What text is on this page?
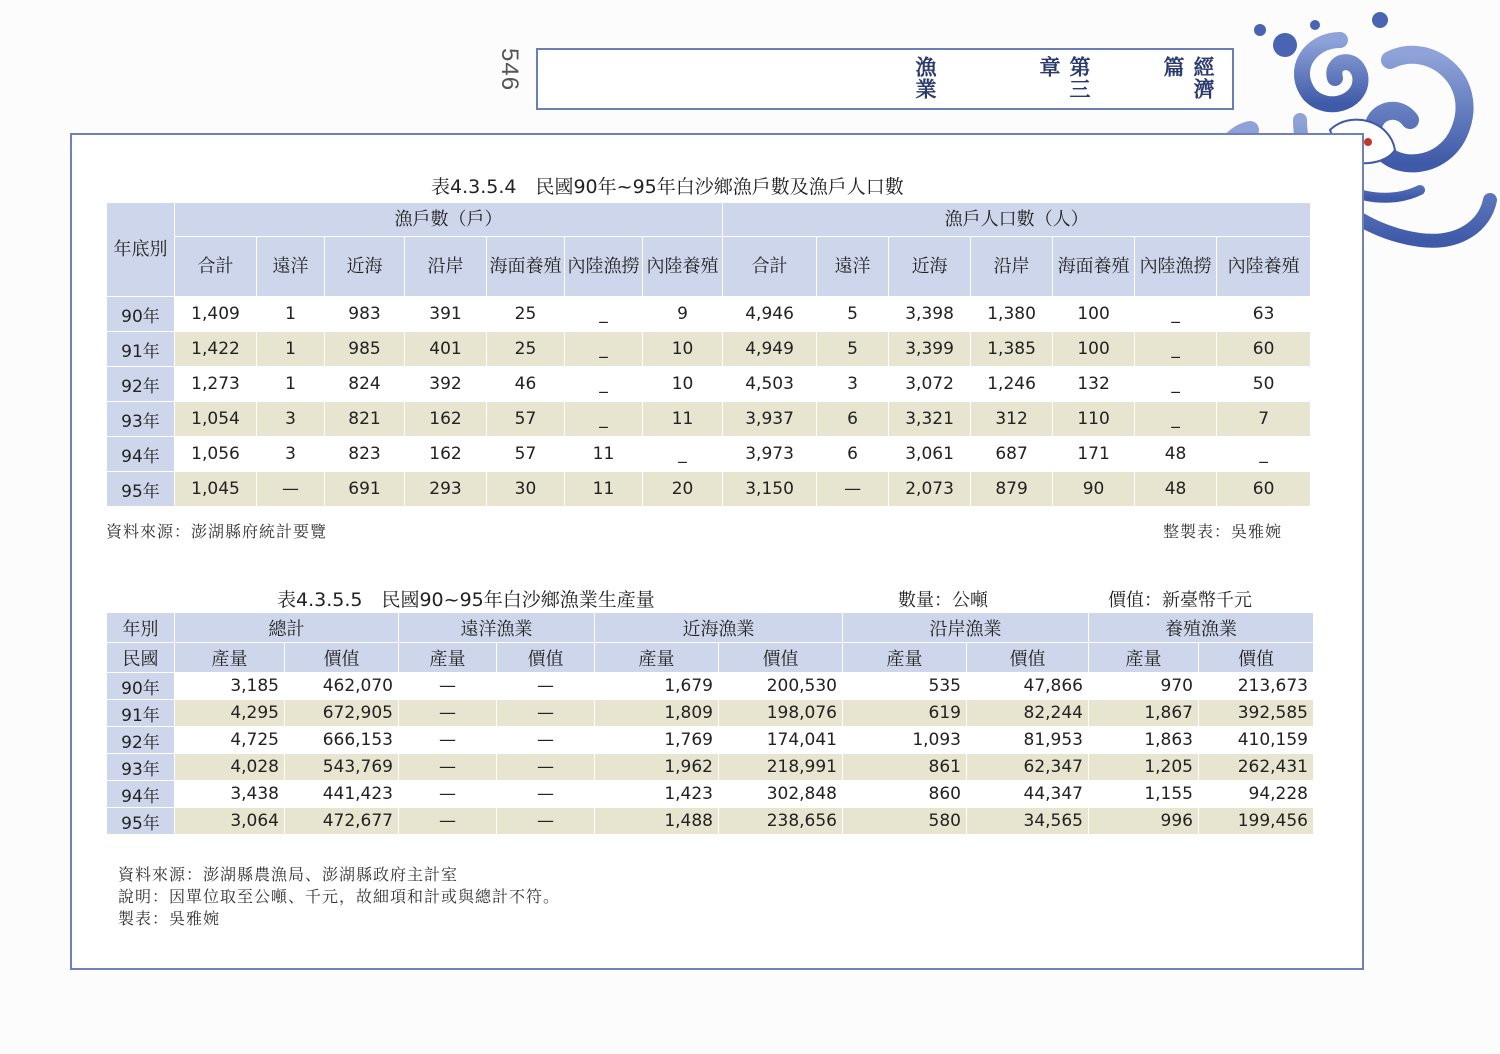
546	經濟篇
第三章
漁業
表4.3.5.4　民國90年~95年白沙鄉漁戶數及漁戶人口數
年底別	漁戶數（戶）							漁戶人口數（人）						
	合計	遠洋	近海	沿岸	海面養殖	內陸漁撈	內陸養殖	合計	遠洋	近海	沿岸	海面養殖	內陸漁撈	內陸養殖
90年	1,409	1	983	391	25	_	9	4,946	5	3,398	1,380	100	_	63
91年	1,422	1	985	401	25	_	10	4,949	5	3,399	1,385	100	_	60
92年	1,273	1	824	392	46	_	10	4,503	3	3,072	1,246	132	_	50
93年	1,054	3	821	162	57	_	11	3,937	6	3,321	312	110	_	7
94年	1,056	3	823	162	57	11	_	3,973	6	3,061	687	171	48	_
95年	1,045	—	691	293	30	11	20	3,150	—	2,073	879	90	48	60
資料來源：澎湖縣府統計要覽	整製表：吳雅婉
表4.3.5.5　民國90~95年白沙鄉漁業生產量	數量：公噸	價值：新臺幣千元
年別	總計		遠洋漁業		近海漁業		沿岸漁業		養殖漁業	
民國	產量	價值	產量	價值	產量	價值	產量	價值	產量	價值
90年	3,185	462,070	—	—	1,679	200,530	535	47,866	970	213,673
91年	4,295	672,905	—	—	1,809	198,076	619	82,244	1,867	392,585
92年	4,725	666,153	—	—	1,769	174,041	1,093	81,953	1,863	410,159
93年	4,028	543,769	—	—	1,962	218,991	861	62,347	1,205	262,431
94年	3,438	441,423	—	—	1,423	302,848	860	44,347	1,155	94,228
95年	3,064	472,677	—	—	1,488	238,656	580	34,565	996	199,456
資料來源：澎湖縣農漁局、澎湖縣政府主計室
說明：因單位取至公噸、千元，故細項和計或與總計不符。
製表：吳雅婉
